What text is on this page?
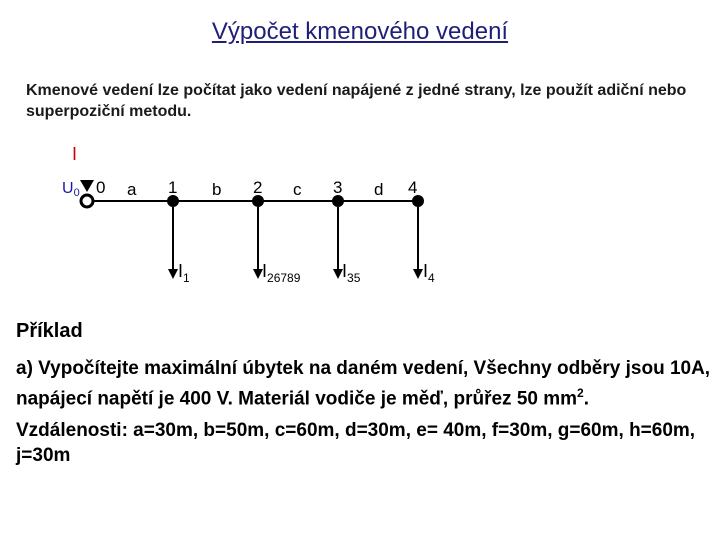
Výpočet kmenového vedení
Kmenové vedení lze počítat jako vedení napájené z jedné strany, lze použít adiční nebo superpoziční metodu.
I
U0 0	1	2	3	4
a	b	c	d
$I_1$	$I_{26789}$ $I_{35}$	$I_4$
Příklad
a) Vypočítejte maximální úbytek na daném vedení, Všechny odběry jsou 10A, napájecí napětí je 400 V. Materiál vodiče je měď, průřez 50 $mm^2$.
Vzdálenosti: a=30m, b=50m, c=60m, d=30m, e= 40m, f=30m, g=60m, h=60m, j=30m
